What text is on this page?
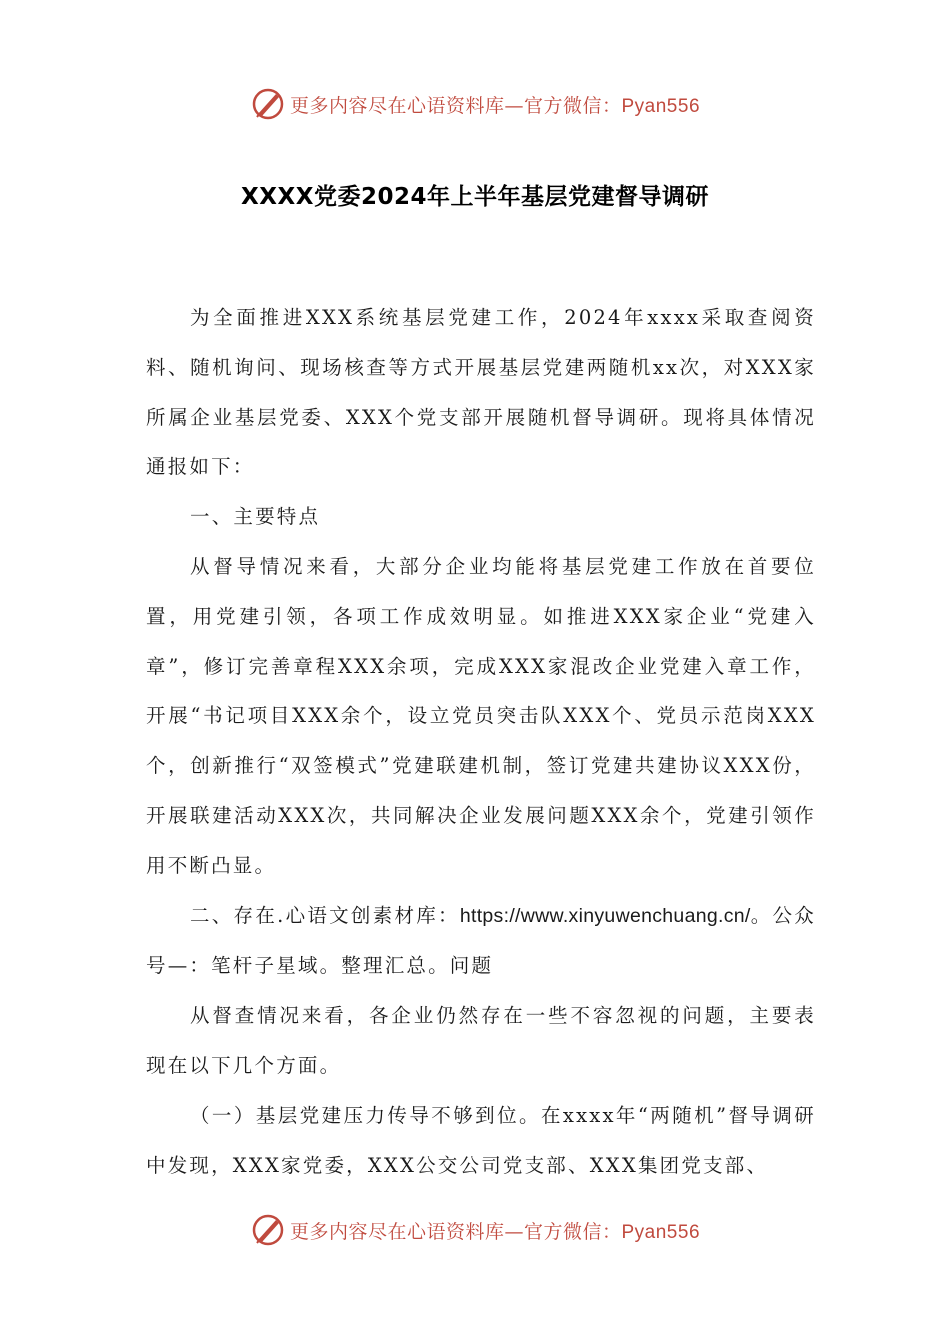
更多内容尽在心语资料库—官方微信：Pyan556
XXXX党委2024年上半年基层党建督导调研

为全面推进XXX系统基层党建工作，2024年xxxx采取查阅资料、随机询问、现场核查等方式开展基层党建两随机xx次，对XXX家所属企业基层党委、XXX个党支部开展随机督导调研。现将具体情况通报如下：

一、主要特点

从督导情况来看，大部分企业均能将基层党建工作放在首要位置，用党建引领，各项工作成效明显。如推进XXX家企业“党建入章”，修订完善章程XXX余项，完成XXX家混改企业党建入章工作，开展“书记项目XXX余个，设立党员突击队XXX个、党员示范岗XXX个，创新推行“双签模式”党建联建机制，签订党建共建协议XXX份，开展联建活动XXX次，共同解决企业发展问题XXX余个，党建引领作用不断凸显。

二、存在.心语文创素材库：https://www.xinyuwenchuang.cn/。公众号—：笔杆子星域。整理汇总。问题

从督查情况来看，各企业仍然存在一些不容忽视的问题，主要表现在以下几个方面。

（一）基层党建压力传导不够到位。在xxxx年“两随机”督导调研中发现，XXX家党委，XXX公交公司党支部、XXX集团党支部、

更多内容尽在心语资料库—官方微信：Pyan556
